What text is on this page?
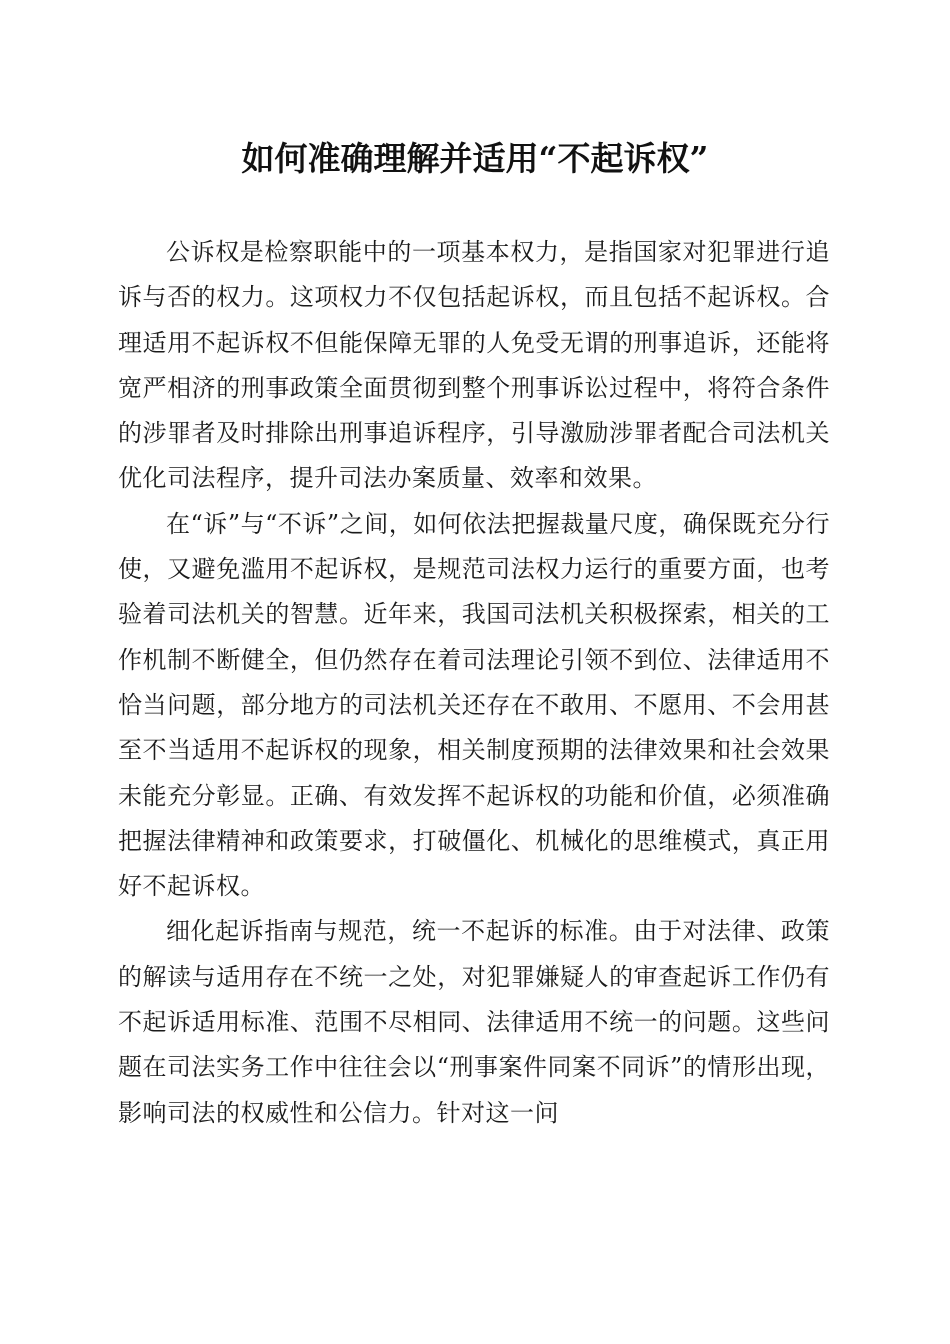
如何准确理解并适用“不起诉权”

公诉权是检察职能中的一项基本权力，是指国家对犯罪进行追诉与否的权力。这项权力不仅包括起诉权，而且包括不起诉权。合理适用不起诉权不但能保障无罪的人免受无谓的刑事追诉，还能将宽严相济的刑事政策全面贯彻到整个刑事诉讼过程中，将符合条件的涉罪者及时排除出刑事追诉程序，引导激励涉罪者配合司法机关优化司法程序，提升司法办案质量、效率和效果。

在“诉”与“不诉”之间，如何依法把握裁量尺度，确保既充分行使，又避免滥用不起诉权，是规范司法权力运行的重要方面，也考验着司法机关的智慧。近年来，我国司法机关积极探索，相关的工作机制不断健全，但仍然存在着司法理论引领不到位、法律适用不恰当问题，部分地方的司法机关还存在不敢用、不愿用、不会用甚至不当适用不起诉权的现象，相关制度预期的法律效果和社会效果未能充分彰显。正确、有效发挥不起诉权的功能和价值，必须准确把握法律精神和政策要求，打破僵化、机械化的思维模式，真正用好不起诉权。

细化起诉指南与规范，统一不起诉的标准。由于对法律、政策的解读与适用存在不统一之处，对犯罪嫌疑人的审查起诉工作仍有不起诉适用标准、范围不尽相同、法律适用不统一的问题。这些问题在司法实务工作中往往会以“刑事案件同案不同诉”的情形出现，影响司法的权威性和公信力。针对这一问
